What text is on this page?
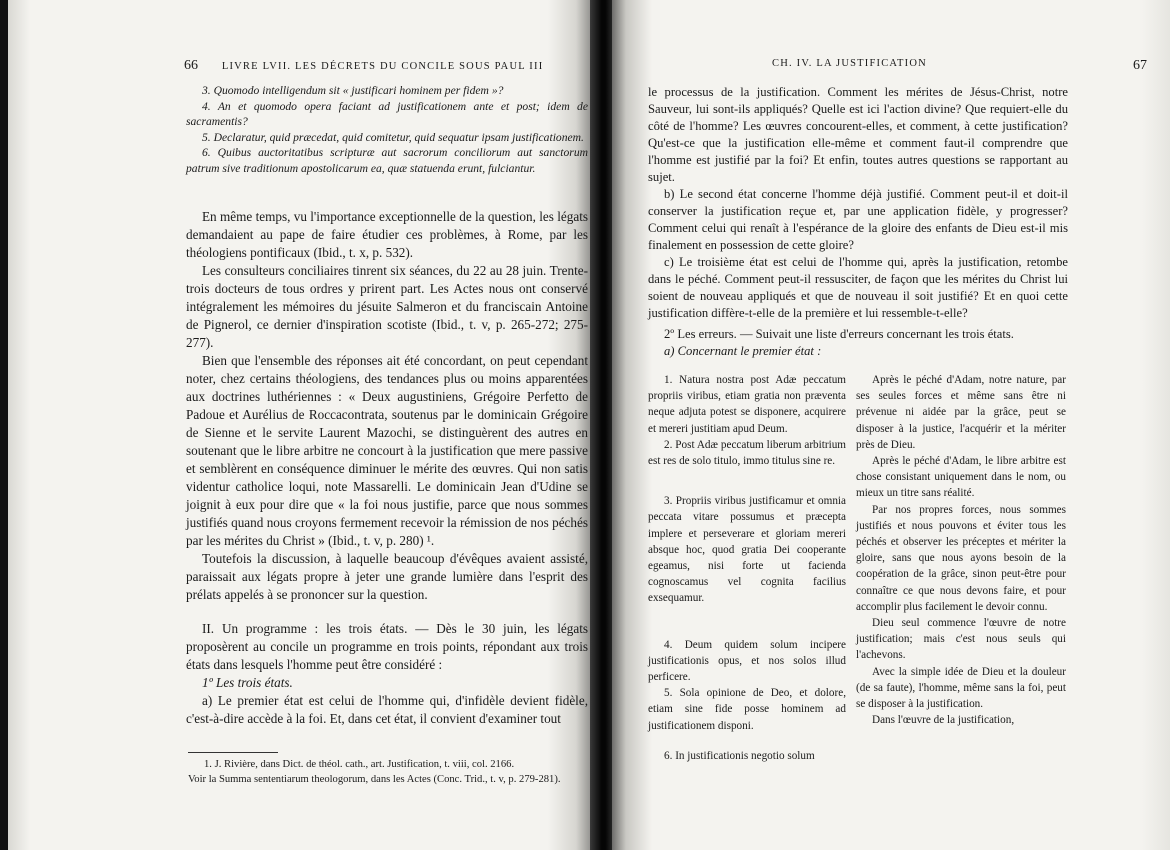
66 LIVRE LVII. LES DÉCRETS DU CONCILE SOUS PAUL III

3. Quomodo intelligendum sit « justificari hominem per fidem »?

4. An et quomodo opera faciant ad justificationem ante et post; idem de sacramentis?

5. Declaratur, quid præcedat, quid comitetur, quid sequatur ipsam justificationem.

6. Quibus auctoritatibus scripturæ aut sacrorum conciliorum aut sanctorum patrum sive traditionum apostolicarum ea, quæ statuenda erunt, fulciantur.

En même temps, vu l'importance exceptionnelle de la question, les légats demandaient au pape de faire étudier ces problèmes, à Rome, par les théologiens pontificaux (Ibid., t. x, p. 532).

Les consulteurs conciliaires tinrent six séances, du 22 au 28 juin. Trente-trois docteurs de tous ordres y prirent part. Les Actes nous ont conservé intégralement les mémoires du jésuite Salmeron et du franciscain Antoine de Pignerol, ce dernier d'inspiration scotiste (Ibid., t. v, p. 265-272; 275-277).

Bien que l'ensemble des réponses ait été concordant, on peut cependant noter, chez certains théologiens, des tendances plus ou moins apparentées aux doctrines luthériennes : « Deux augustiniens, Grégoire Perfetto de Padoue et Aurélius de Roccacontrata, soutenus par le dominicain Grégoire de Sienne et le servite Laurent Mazochi, se distinguèrent des autres en soutenant que le libre arbitre ne concourt à la justification que mere passive et semblèrent en conséquence diminuer le mérite des œuvres. Qui non satis videntur catholice loqui, note Massarelli. Le dominicain Jean d'Udine se joignit à eux pour dire que « la foi nous justifie, parce que nous sommes justifiés quand nous croyons fermement recevoir la rémission de nos péchés par les mérites du Christ » (Ibid., t. v, p. 280) ¹.

Toutefois la discussion, à laquelle beaucoup d'évêques avaient assisté, paraissait aux légats propre à jeter une grande lumière dans l'esprit des prélats appelés à se prononcer sur la question.

II. Un programme : les trois états. — Dès le 30 juin, les légats proposèrent au concile un programme en trois points, répondant aux trois états dans lesquels l'homme peut être considéré :

1º Les trois états.

a) Le premier état est celui de l'homme qui, d'infidèle devient fidèle, c'est-à-dire accède à la foi. Et, dans cet état, il convient d'examiner tout

1. J. Rivière, dans Dict. de théol. cath., art. Justification, t. viii, col. 2166.
Voir la Summa sententiarum theologorum, dans les Actes (Conc. Trid., t. v, p. 279-281).
CH. IV. LA JUSTIFICATION	67

le processus de la justification. Comment les mérites de Jésus-Christ, notre Sauveur, lui sont-ils appliqués? Quelle est ici l'action divine? Que requiert-elle du côté de l'homme? Les œuvres concourent-elles, et comment, à cette justification? Qu'est-ce que la justification elle-même et comment faut-il comprendre que l'homme est justifié par la foi? Et enfin, toutes autres questions se rapportant au sujet.

b) Le second état concerne l'homme déjà justifié. Comment peut-il et doit-il conserver la justification reçue et, par une application fidèle, y progresser? Comment celui qui renaît à l'espérance de la gloire des enfants de Dieu est-il mis finalement en possession de cette gloire?

c) Le troisième état est celui de l'homme qui, après la justification, retombe dans le péché. Comment peut-il ressusciter, de façon que les mérites du Christ lui soient de nouveau appliqués et que de nouveau il soit justifié? Et en quoi cette justification diffère-t-elle de la première et lui ressemble-t-elle?

2º Les erreurs. — Suivait une liste d'erreurs concernant les trois états.

a) Concernant le premier état :

1. Natura nostra post Adæ peccatum propriis viribus, etiam gratia non præventa neque adjuta potest se disponere, acquirere et mereri justitiam apud Deum.

2. Post Adæ peccatum liberum arbitrium est res de solo titulo, immo titulus sine re.

3. Propriis viribus justificamur et omnia peccata vitare possumus et præcepta implere et perseverare et gloriam mereri absque hoc, quod gratia Dei cooperante egeamus, nisi forte ut facienda cognoscamus vel cognita facilius exsequamur.

4. Deum quidem solum incipere justificationis opus, et nos solos illud perficere.

5. Sola opinione de Deo, et dolore, etiam sine fide posse hominem ad justificationem disponi.

6. In justificationis negotio solum

Après le péché d'Adam, notre nature, par ses seules forces et même sans être ni prévenue ni aidée par la grâce, peut se disposer à la justice, l'acquérir et la mériter près de Dieu.

Après le péché d'Adam, le libre arbitre est chose consistant uniquement dans le nom, ou mieux un titre sans réalité.

Par nos propres forces, nous sommes justifiés et nous pouvons et éviter tous les péchés et observer les préceptes et mériter la gloire, sans que nous ayons besoin de la coopération de la grâce, sinon peut-être pour connaître ce que nous devons faire, et pour accomplir plus facilement le devoir connu.

Dieu seul commence l'œuvre de notre justification; mais c'est nous seuls qui l'achevons.

Avec la simple idée de Dieu et la douleur (de sa faute), l'homme, même sans la foi, peut se disposer à la justification.

Dans l'œuvre de la justification,
